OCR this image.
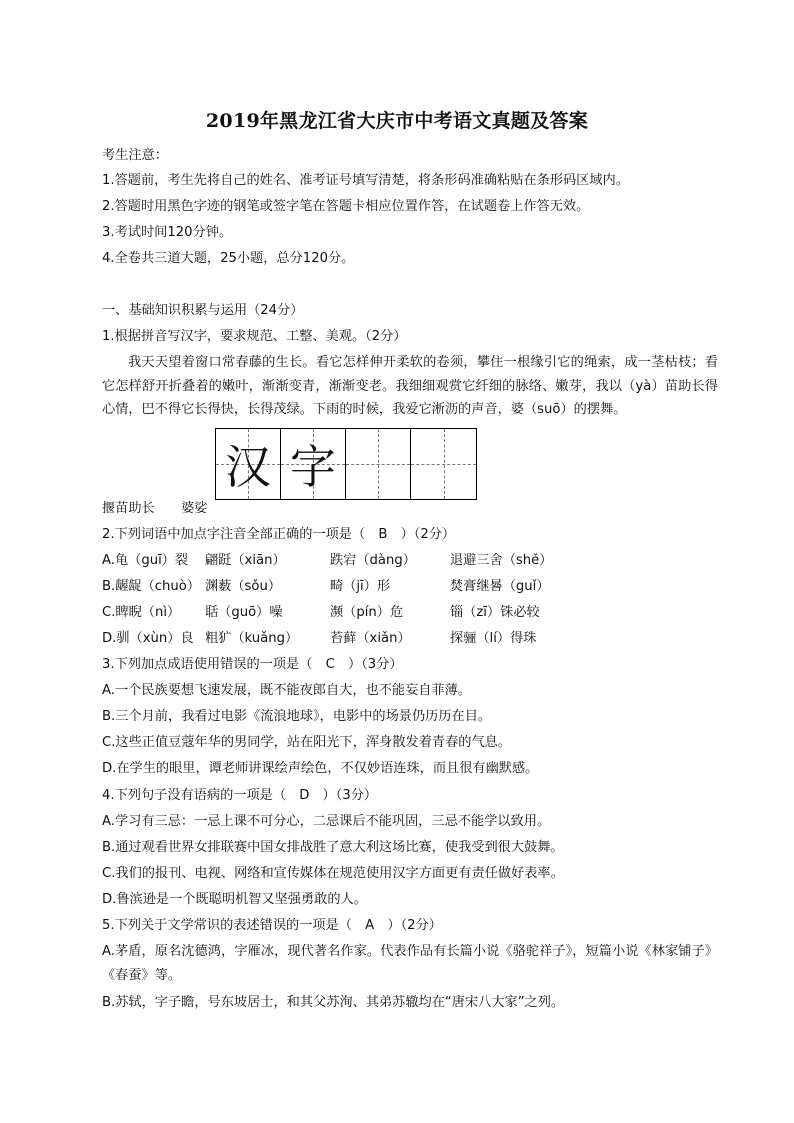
2019年黑龙江省大庆市中考语文真题及答案
考生注意：
1.答题前，考生先将自己的姓名、准考证号填写清楚，将条形码准确粘贴在条形码区域内。
2.答题时用黑色字迹的钢笔或签字笔在答题卡相应位置作答，在试题卷上作答无效。
3.考试时间120分钟。
4.全卷共三道大题，25小题，总分120分。
一、基础知识积累与运用（24分）
1.根据拼音写汉字，要求规范、工整、美观。（2分）
我天天望着窗口常春藤的生长。看它怎样伸开柔软的卷须，攀住一根缘引它的绳索，成一茎枯枝；看它怎样舒开折叠着的嫩叶，渐渐变青，渐渐变老。我细细观赏它纤细的脉络、嫩芽，我以（yà）苗助长得心情，巴不得它长得快，长得茂绿。下雨的时候，我爱它淅沥的声音，婆（suō）的摆舞。
汉 字
揠苗助长　　婆娑
2.下列词语中加点字注音全部正确的一项是（　B　）（2分）
A.龟（guī）裂 翩跹（xiān）	跌宕（dàng）	退避三舍（shě）
B.龌龊（chuò） 渊薮（sǒu）	畸（jī）形	焚膏继晷（guǐ）
C.睥睨（nì） 聒（guō）噪	濒（pín）危	锱（zī）铢必较
D.驯（xùn）良 粗犷（kuǎng） 苔藓（xiǎn）	探骊（lí）得珠
3.下列加点成语使用错误的一项是（　C　）（3分）
A.一个民族要想飞速发展，既不能夜郎自大，也不能妄自菲薄。
B.三个月前，我看过电影《流浪地球》，电影中的场景仍历历在目。
C.这些正值豆蔻年华的男同学，站在阳光下，浑身散发着青春的气息。
D.在学生的眼里，谭老师讲课绘声绘色，不仅妙语连珠，而且很有幽默感。
4.下列句子没有语病的一项是（　D　）（3分）
A.学习有三忌：一忌上课不可分心，二忌课后不能巩固，三忌不能学以致用。
B.通过观看世界女排联赛中国女排战胜了意大利这场比赛，使我受到很大鼓舞。
C.我们的报刊、电视、网络和宣传媒体在规范使用汉字方面更有责任做好表率。
D.鲁滨逊是一个既聪明机智又坚强勇敢的人。
5.下列关于文学常识的表述错误的一项是（　A　）（2分）
A.茅盾，原名沈德鸿，字雁冰，现代著名作家。代表作品有长篇小说《骆驼祥子》，短篇小说《林家铺子》《春蚕》等。
B.苏轼，字子瞻，号东坡居士，和其父苏洵、其弟苏辙均在“唐宋八大家”之列。
